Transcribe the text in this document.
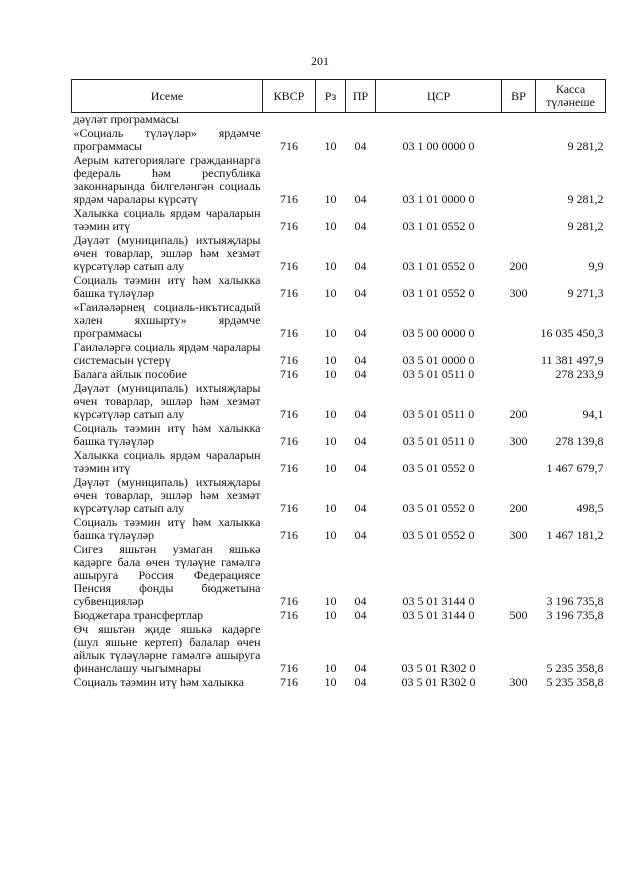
201
Исеме	КВСР	Рз	ПР	ЦСР	ВР	Касса
түләнеше

дәүләт программасы						
«Социаль түләүләр» ярдәмче программасы	716	10	04	03 1 00 0000 0		9 281,2
Аерым категорияләге гражданнарга федераль һәм республика законнарында билгеләнгән социаль ярдәм чаралары күрсәтү	716	10	04	03 1 01 0000 0		9 281,2
Халыкка социаль ярдәм чараларын тәэмин итү	716	10	04	03 1 01 0552 0		9 281,2
Дәүләт (муниципаль) ихтыяҗлары өчен товарлар, эшләр һәм хезмәт күрсәтүләр сатып алу	716	10	04	03 1 01 0552 0	200	9,9
Социаль тәэмин итү һәм халыкка башка түләүләр	716	10	04	03 1 01 0552 0	300	9 271,3
«Гаиләләрнең социаль-икътисадый хәлен яхшырту» ярдәмче программасы	716	10	04	03 5 00 0000 0		16 035 450,3
Гаиләләргә социаль ярдәм чаралары системасын үстерү	716	10	04	03 5 01 0000 0		11 381 497,9
Балага айлык пособие	716	10	04	03 5 01 0511 0		278 233,9
Дәүләт (муниципаль) ихтыяҗлары өчен товарлар, эшләр һәм хезмәт күрсәтүләр сатып алу	716	10	04	03 5 01 0511 0	200	94,1
Социаль тәэмин итү һәм халыкка башка түләүләр	716	10	04	03 5 01 0511 0	300	278 139,8
Халыкка социаль ярдәм чараларын тәэмин итү	716	10	04	03 5 01 0552 0		1 467 679,7
Дәүләт (муниципаль) ихтыяҗлары өчен товарлар, эшләр һәм хезмәт күрсәтүләр сатып алу	716	10	04	03 5 01 0552 0	200	498,5
Социаль тәэмин итү һәм халыкка башка түләүләр	716	10	04	03 5 01 0552 0	300	1 467 181,2
Сигез яшьтән узмаган яшькә кадәрге бала өчен түләүне гамәлгә ашыруга Россия Федерациясе Пенсия фонды бюджетына субвенцияләр	716	10	04	03 5 01 3144 0		3 196 735,8
Бюджетара трансфертлар	716	10	04	03 5 01 3144 0	500	3 196 735,8
Өч яшьтән җиде яшькә кадәрге (шул яшьне кертеп) балалар өчен айлык түләүләрне гамәлгә ашыруга финанслашу чыгымнары	716	10	04	03 5 01 R302 0		5 235 358,8
Социаль тәэмин итү һәм халыкка	716	10	04	03 5 01 R302 0	300	5 235 358,8
